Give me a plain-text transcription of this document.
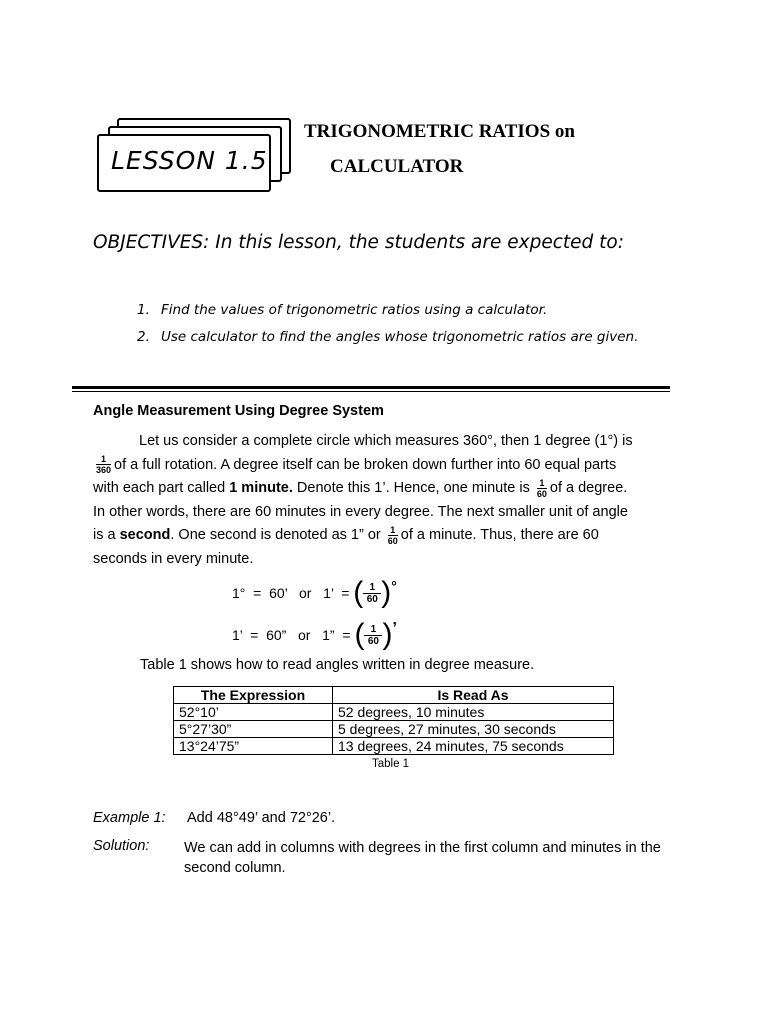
LESSON 1.5
TRIGONOMETRIC RATIOS on
CALCULATOR
OBJECTIVES: In this lesson, the students are expected to:
1. Find the values of trigonometric ratios using a calculator.
2. Use calculator to find the angles whose trigonometric ratios are given.
Angle Measurement Using Degree System
Let us consider a complete circle which measures 360°, then 1 degree (1°) is
$\frac{1}{360}$ of a full rotation. A degree itself can be broken down further into 60 equal parts
with each part called 1 minute. Denote this 1’. Hence, one minute is $\frac{1}{60}$ of a degree.
In other words, there are 60 minutes in every degree. The next smaller unit of angle
is a second. One second is denoted as 1” or $\frac{1}{60}$ of a minute. Thus, there are 60
seconds in every minute.
1°  =  60’   or   1’  = ( $\frac{1}{60}$ ) °
1’  =  60”   or   1”  = ( $\frac{1}{60}$ ) ’
Table 1 shows how to read angles written in degree measure.
The Expression	Is Read As
52°10’	52 degrees, 10 minutes
5°27’30”	5 degrees, 27 minutes, 30 seconds
13°24’75”	13 degrees, 24 minutes, 75 seconds
Table 1
Example 1: Add 48°49’ and 72°26’.
Solution: We can add in columns with degrees in the first column and minutes in the second column.
